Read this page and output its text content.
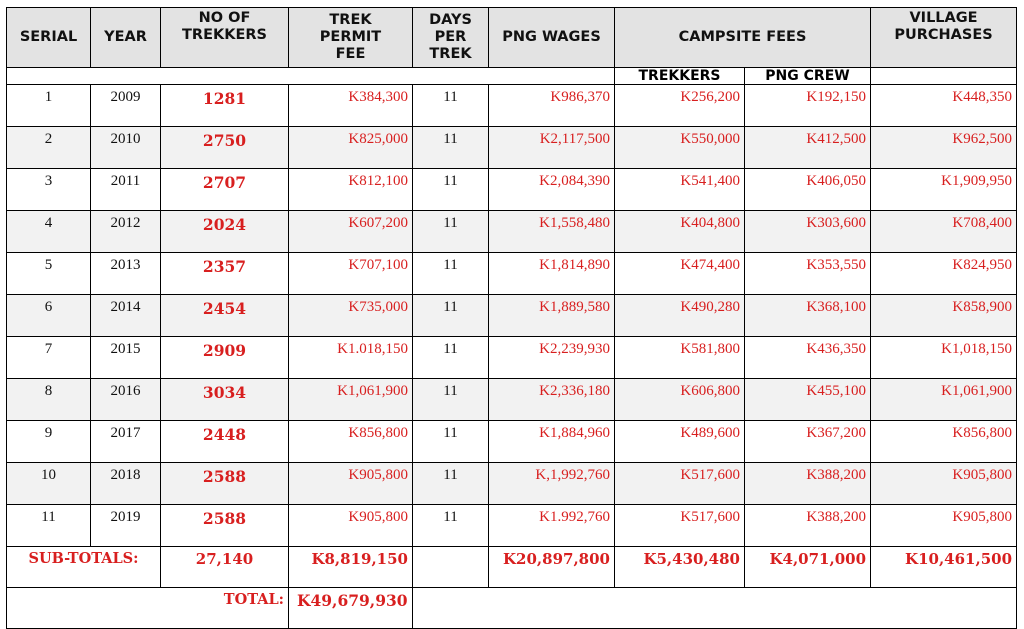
SERIAL	YEAR	NO OF TREKKERS	TREK PERMIT FEE	DAYS PER TREK	PNG WAGES	CAMPSITE FEES		VILLAGE PURCHASES
						TREKKERS	PNG CREW	
1	2009	1281	K384,300	11	K986,370	K256,200	K192,150	K448,350
2	2010	2750	K825,000	11	K2,117,500	K550,000	K412,500	K962,500
3	2011	2707	K812,100	11	K2,084,390	K541,400	K406,050	K1,909,950
4	2012	2024	K607,200	11	K1,558,480	K404,800	K303,600	K708,400
5	2013	2357	K707,100	11	K1,814,890	K474,400	K353,550	K824,950
6	2014	2454	K735,000	11	K1,889,580	K490,280	K368,100	K858,900
7	2015	2909	K1.018,150	11	K2,239,930	K581,800	K436,350	K1,018,150
8	2016	3034	K1,061,900	11	K2,336,180	K606,800	K455,100	K1,061,900
9	2017	2448	K856,800	11	K1,884,960	K489,600	K367,200	K856,800
10	2018	2588	K905,800	11	K,1,992,760	K517,600	K388,200	K905,800
11	2019	2588	K905,800	11	K1.992,760	K517,600	K388,200	K905,800
SUB-TOTALS:		27,140	K8,819,150		K20,897,800	K5,430,480	K4,071,000	K10,461,500
TOTAL:			K49,679,930					
